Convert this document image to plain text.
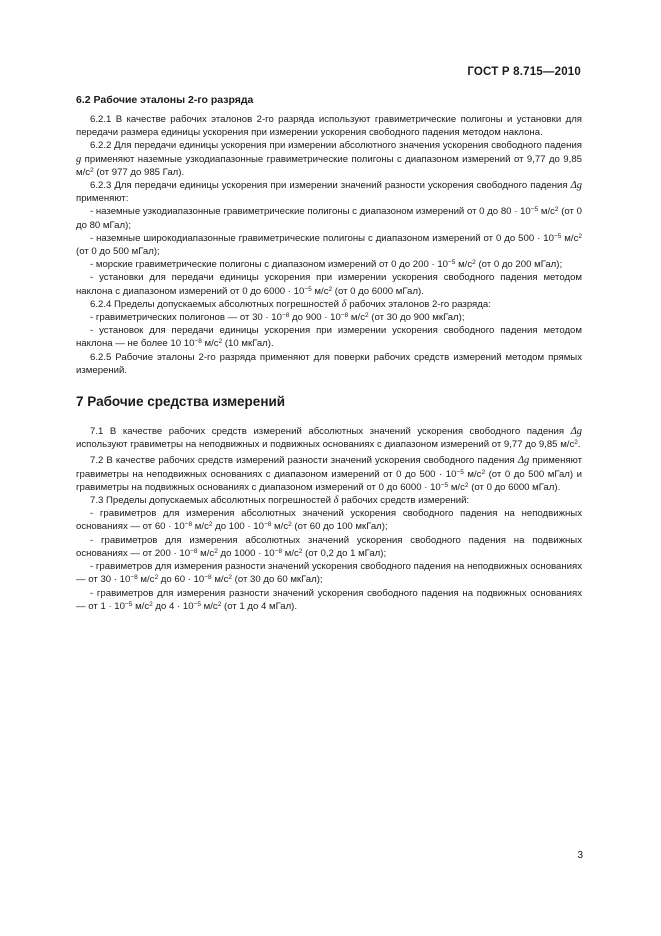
ГОСТ Р 8.715—2010
6.2 Рабочие эталоны 2-го разряда

6.2.1 В качестве рабочих эталонов 2-го разряда используют гравиметрические полигоны и установки для передачи размера единицы ускорения при измерении ускорения свободного падения методом наклона.

6.2.2 Для передачи единицы ускорения при измерении абсолютного значения ускорения свободного падения g применяют наземные узкодиапазонные гравиметрические полигоны с диапазоном измерений от 9,77 до 9,85 $м/с^2$ (от 977 до 985 Гал).

6.2.3 Для передачи единицы ускорения при измерении значений разности ускорения свободного падения Δg применяют:

- наземные узкодиапазонные гравиметрические полигоны с диапазоном измерений от 0 до $80 \cdot 10^{-5}$ $м/с^2$ (от 0 до 80 мГал);

- наземные широкодиапазонные гравиметрические полигоны с диапазоном измерений от 0 до $500 \cdot 10^{-5}$ $м/с^2$ (от 0 до 500 мГал);

- морские гравиметрические полигоны с диапазоном измерений от 0 до $200 \cdot 10^{-5}$ $м/с^2$ (от 0 до 200 мГал);

- установки для передачи единицы ускорения при измерении ускорения свободного падения методом наклона с диапазоном измерений от 0 до $6000 \cdot 10^{-5}$ $м/с^2$ (от 0 до 6000 мГал).

6.2.4 Пределы допускаемых абсолютных погрешностей δ рабочих эталонов 2-го разряда:

- гравиметрических полигонов — от $30 \cdot 10^{-8}$ до $900 \cdot 10^{-8}$ $м/с^2$ (от 30 до 900 мкГал);

- установок для передачи единицы ускорения при измерении ускорения свободного падения методом наклона — не более 10 $10^{-8}$ $м/с^2$ (10 мкГал).

6.2.5 Рабочие эталоны 2-го разряда применяют для поверки рабочих средств измерений методом прямых измерений.

7 Рабочие средства измерений

7.1 В качестве рабочих средств измерений абсолютных значений ускорения свободного падения Δg используют гравиметры на неподвижных и подвижных основаниях с диапазоном измерений от 9,77 до 9,85 $м/с^2$.

7.2 В качестве рабочих средств измерений разности значений ускорения свободного падения Δg применяют гравиметры на неподвижных основаниях с диапазоном измерений от 0 до $500 \cdot 10^{-5}$ $м/с^2$ (от 0 до 500 мГал) и гравиметры на подвижных основаниях с диапазоном измерений от 0 до $6000 \cdot 10^{-5}$ $м/с^2$ (от 0 до 6000 мГал).

7.3 Пределы допускаемых абсолютных погрешностей δ рабочих средств измерений:

- гравиметров для измерения абсолютных значений ускорения свободного падения на неподвижных основаниях — от $60 \cdot 10^{-8}$ $м/с^2$ до $100 \cdot 10^{-8}$ $м/с^2$ (от 60 до 100 мкГал);

- гравиметров для измерения абсолютных значений ускорения свободного падения на подвижных основаниях — от $200 \cdot 10^{-8}$ $м/с^2$ до $1000 \cdot 10^{-8}$ $м/с^2$ (от 0,2 до 1 мГал);

- гравиметров для измерения разности значений ускорения свободного падения на неподвижных основаниях — от $30 \cdot 10^{-8}$ $м/с^2$ до $60 \cdot 10^{-8}$ $м/с^2$ (от 30 до 60 мкГал);

- гравиметров для измерения разности значений ускорения свободного падения на подвижных основаниях — от $1 \cdot 10^{-5}$ $м/с^2$ до $4 \cdot 10^{-5}$ $м/с^2$ (от 1 до 4 мГал).

3
